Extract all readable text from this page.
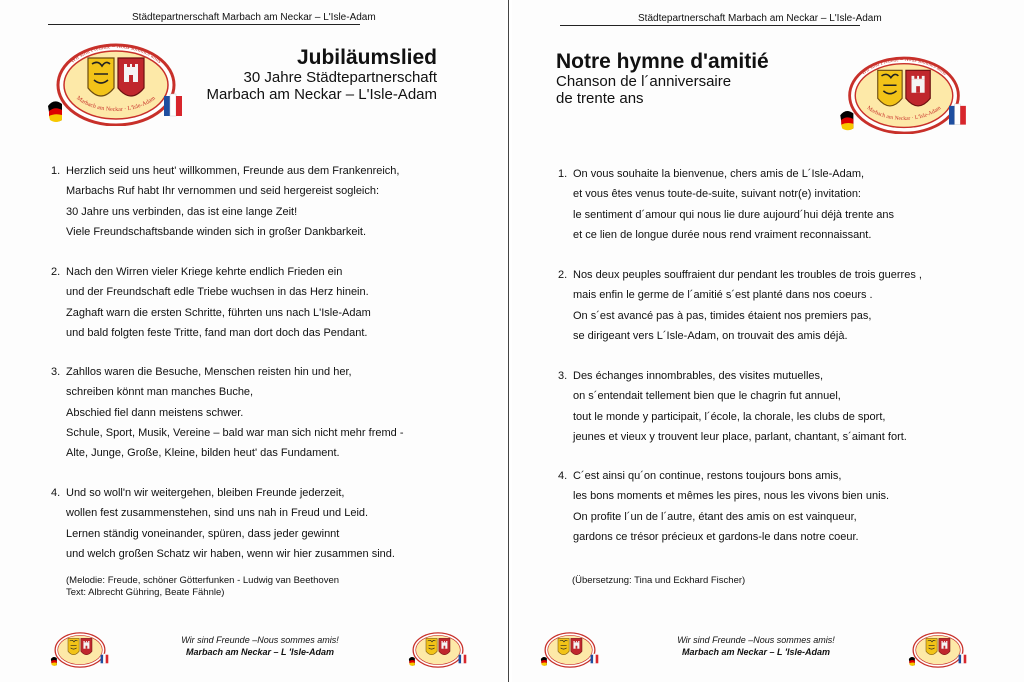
Städtepartnerschaft Marbach am Neckar – L'Isle-Adam
Wir sind Freunde – Nous sommes amis
Marbach am Neckar · L'Isle-Adam
Jubiläumslied
30 Jahre Städtepartnerschaft
Marbach am Neckar – L'Isle-Adam
1. Herzlich seid uns heut' willkommen, Freunde aus dem Frankenreich,
Marbachs Ruf habt Ihr vernommen und seid hergereist sogleich:
30 Jahre uns verbinden, das ist eine lange Zeit!
Viele Freundschaftsbande winden sich in großer Dankbarkeit.
2. Nach den Wirren vieler Kriege kehrte endlich Frieden ein
und der Freundschaft edle Triebe wuchsen in das Herz hinein.
Zaghaft warn die ersten Schritte, führten uns nach L'Isle-Adam
und bald folgten feste Tritte, fand man dort doch das Pendant.
3. Zahllos waren die Besuche, Menschen reisten hin und her,
schreiben könnt man manches Buche,
Abschied fiel dann meistens schwer.
Schule, Sport, Musik, Vereine – bald war man sich nicht mehr fremd -
Alte, Junge, Große, Kleine, bilden heut' das Fundament.
4. Und so woll'n wir weitergehen, bleiben Freunde jederzeit,
wollen fest zusammenstehen, sind uns nah in Freud und Leid.
Lernen ständig voneinander, spüren, dass jeder gewinnt
und welch großen Schatz wir haben, wenn wir hier zusammen sind.
(Melodie: Freude, schöner Götterfunken - Ludwig van Beethoven
Text: Albrecht Gühring, Beate Fähnle)
Wir sind Freunde –Nous sommes amis!
Marbach am Neckar – L 'Isle-Adam
Städtepartnerschaft Marbach am Neckar – L'Isle-Adam
Notre hymne d'amitié
Chanson de l´anniversaire
de trente ans
Wir sind Freunde – Nous sommes amis
Marbach am Neckar · L'Isle-Adam
1. On vous souhaite la bienvenue, chers amis de L´Isle-Adam,
et vous êtes venus toute-de-suite, suivant notr(e) invitation:
le sentiment d´amour qui nous lie dure aujourd´hui déjà trente ans
et ce lien de longue durée nous rend vraiment reconnaissant.
2. Nos deux peuples souffraient dur pendant les troubles de trois guerres ,
mais enfin le germe de l´amitié s´est planté dans nos coeurs .
On s´est avancé pas à pas, timides étaient nos premiers pas,
se dirigeant vers L´Isle-Adam, on trouvait des amis déjà.
3. Des échanges innombrables, des visites mutuelles,
on s´entendait tellement bien que le chagrin fut annuel,
tout le monde y participait, l´école, la chorale, les clubs de sport,
jeunes et vieux y trouvent leur place, parlant, chantant, s´aimant fort.
4. C´est ainsi qu´on continue, restons toujours bons amis,
les bons moments et mêmes les pires, nous les vivons bien unis.
On profite l´un de l´autre, étant des amis on est vainqueur,
gardons ce trésor précieux et gardons-le dans notre coeur.
(Übersetzung: Tina und Eckhard Fischer)
Wir sind Freunde –Nous sommes amis!
Marbach am Neckar – L 'Isle-Adam
